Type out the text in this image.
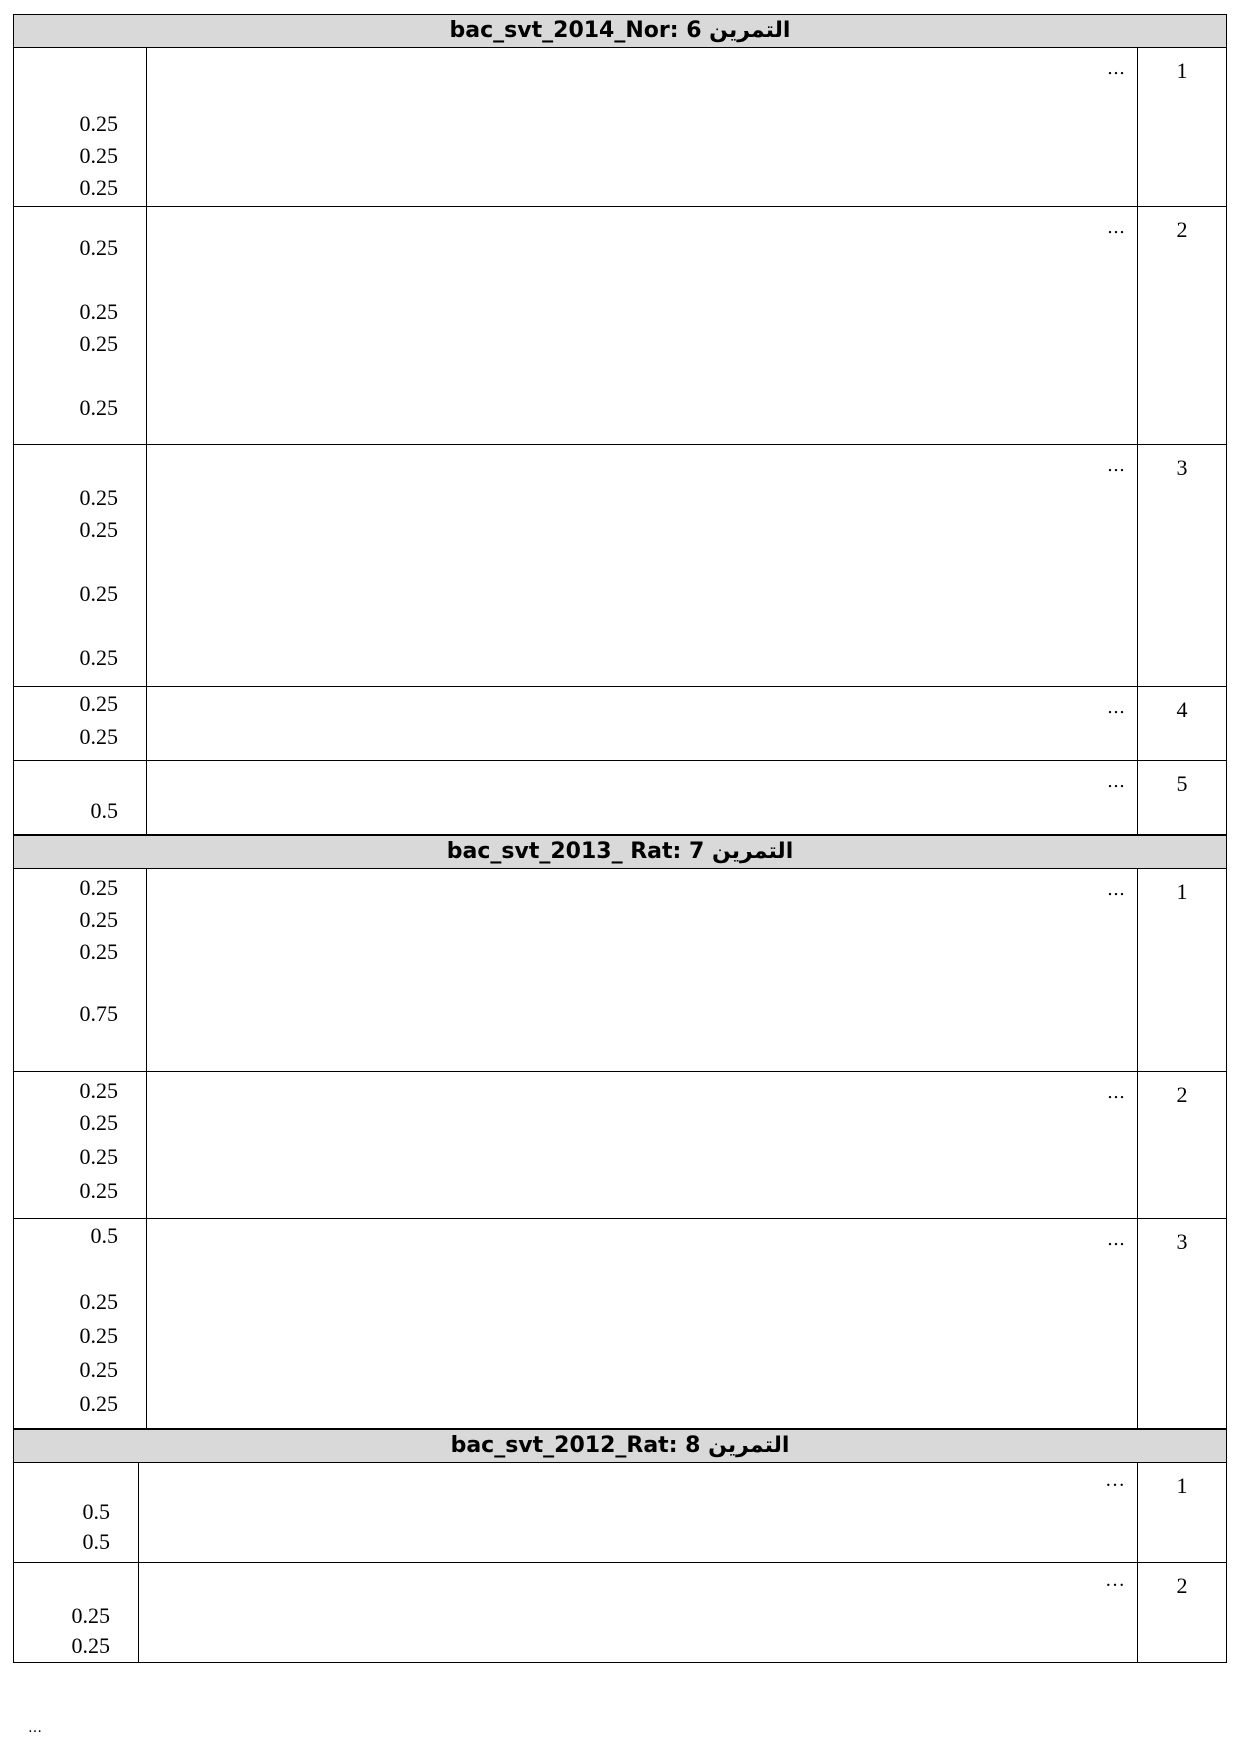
bac_svt_2014_Nor: 6 التمرين
0.25
0.25
0.25	…	1

0.25
0.25
0.25
0.25	…	2

0.25
0.25
0.25
0.25	…	3

0.25
0.25	…	4

0.5	…	5
bac_svt_2013_ Rat: 7 التمرين
0.25
0.25
0.25
0.75	…	1

0.25
0.25
0.25
0.25	…	2

0.5
0.25
0.25
0.25
0.25	…	3
bac_svt_2012_Rat: 8 التمرين
0.5
0.5	…	1

0.25
0.25	…	2
…
